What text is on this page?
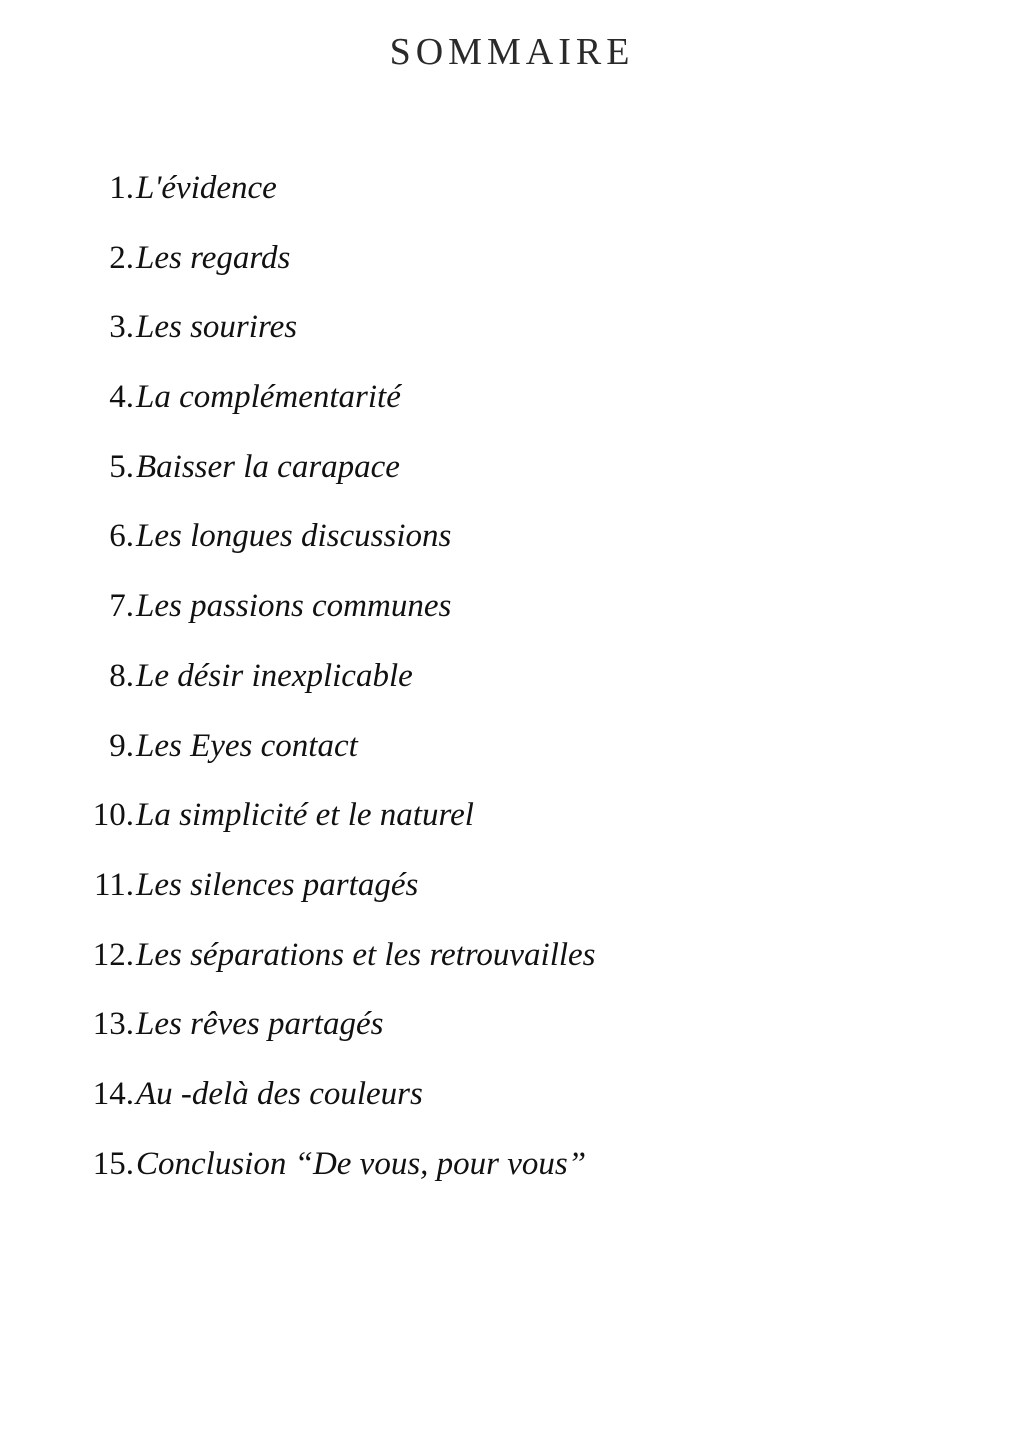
SOMMAIRE
1. L'évidence
2. Les regards
3. Les sourires
4. La complémentarité
5. Baisser la carapace
6. Les longues discussions
7. Les passions communes
8. Le désir inexplicable
9. Les Eyes contact
10. La simplicité et le naturel
11. Les silences partagés
12. Les séparations et les retrouvailles
13. Les rêves partagés
14. Au -delà des couleurs
15. Conclusion “De vous, pour vous”
